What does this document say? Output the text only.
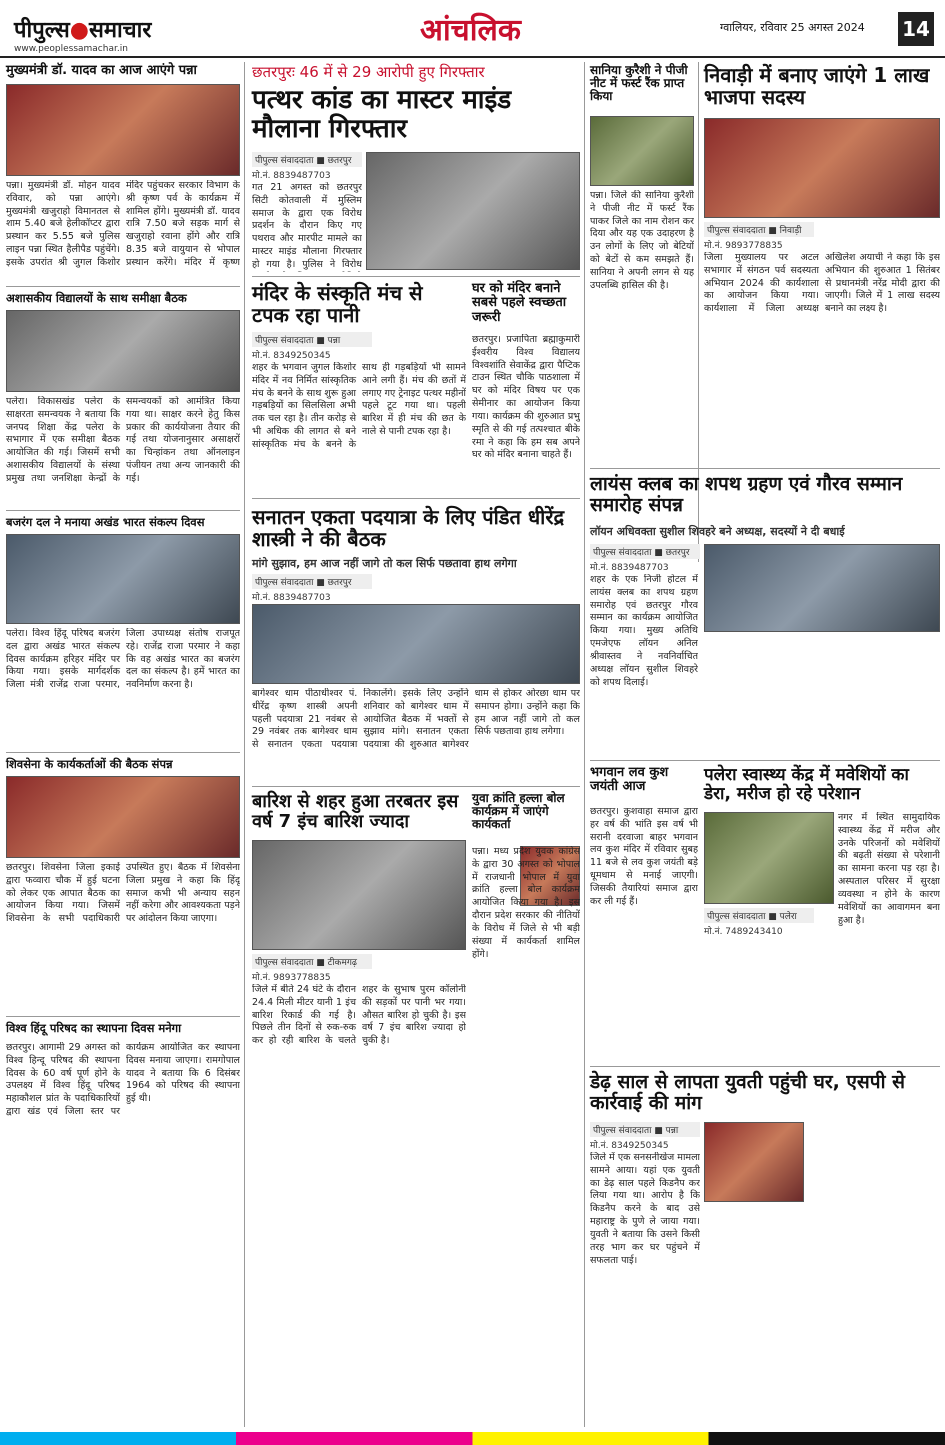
पीपुल्स●समाचार
www.peoplessamachar.in
आंचलिक	ग्वालियर, रविवार 25 अगस्त 2024 14
मुख्यमंत्री डॉ. यादव का आज आएंगे पन्ना
पन्ना। मुख्यमंत्री डॉ. मोहन यादव रविवार, को पन्ना आएंगे। मुख्यमंत्री खजुराहो विमानतल से शाम 5.40 बजे हेलीकॉप्टर द्वारा प्रस्थान कर 5.55 बजे पुलिस लाइन पन्ना स्थित हैलीपैड पहुंचेंगे। इसके उपरांत श्री जुगल किशोर मंदिर पहुंचकर सरकार विभाग के श्री कृष्ण पर्व के कार्यक्रम में शामिल होंगे। मुख्यमंत्री डॉ. यादव रात्रि 7.50 बजे सड़क मार्ग से खजुराहो रवाना होंगे और रात्रि 8.35 बजे वायुयान से भोपाल प्रस्थान करेंगे। मंदिर में कृष्ण
अशासकीय विद्यालयों के साथ समीक्षा बैठक
पलेरा। विकासखंड पलेरा के साक्षरता समन्वयक ने बताया कि जनपद शिक्षा केंद्र पलेरा के सभागार में एक समीक्षा बैठक आयोजित की गई। जिसमें सभी अशासकीय विद्यालयों के संस्था प्रमुख तथा जनशिक्षा केन्द्रों के समन्वयकों को आमंत्रित किया गया था। साक्षर करने हेतु किस प्रकार की कार्ययोजना तैयार की गई तथा योजनानुसार असाक्षरों का चिन्हांकन तथा ऑनलाइन पंजीयन तथा अन्य जानकारी की गई।
बजरंग दल ने मनाया अखंड भारत संकल्प दिवस
पलेरा। विश्व हिंदू परिषद बजरंग दल द्वारा अखंड भारत संकल्प दिवस कार्यक्रम हरिहर मंदिर पर किया गया। इसके मार्गदर्शक जिला मंत्री राजेंद्र राजा परमार, जिला उपाध्यक्ष संतोष राजपूत रहे। राजेंद्र राजा परमार ने कहा कि वह अखंड भारत का बजरंग दल का संकल्प है। हमें भारत का नवनिर्माण करना है।
शिवसेना के कार्यकर्ताओं की बैठक संपन्न
छतरपुर। शिवसेना जिला इकाई द्वारा फव्वारा चौक में हुई घटना को लेकर एक आपात बैठक का आयोजन किया गया। जिसमें शिवसेना के सभी पदाधिकारी उपस्थित हुए। बैठक में शिवसेना जिला प्रमुख ने कहा कि हिंदू समाज कभी भी अन्याय सहन नहीं करेगा और आवश्यकता पड़ने पर आंदोलन किया जाएगा।
विश्व हिंदू परिषद का स्थापना दिवस मनेगा
छतरपुर। आगामी 29 अगस्त को विश्व हिन्दू परिषद की स्थापना दिवस के 60 वर्ष पूर्ण होने के उपलक्ष्य में विश्व हिंदू परिषद महाकौशल प्रांत के पदाधिकारियों द्वारा खंड एवं जिला स्तर पर कार्यक्रम आयोजित कर स्थापना दिवस मनाया जाएगा। रामगोपाल यादव ने बताया कि 6 दिसंबर 1964 को परिषद की स्थापना हुई थी।
छतरपुरः 46 में से 29 आरोपी हुए गिरफ्तार
पत्थर कांड का मास्टर माइंड मौलाना गिरफ्तार
पीपुल्स संवाददाता ■ छतरपुर
मो.नं. 8839487703
गत 21 अगस्त को छतरपुर सिटी कोतवाली में मुस्लिम समाज के द्वारा एक विरोध प्रदर्शन के दौरान किए गए पथराव और मारपीट मामले का मास्टर माइंड मौलाना गिरफ्तार हो गया है। पुलिस ने विरोध
मंदिर के संस्कृति मंच से टपक रहा पानी
पीपुल्स संवाददाता ■ पन्ना
मो.नं. 8349250345
शहर के भगवान जुगल किशोर मंदिर में नव निर्मित सांस्कृतिक मंच के बनने के साथ शुरू हुआ गड़बड़ियों का सिलसिला अभी तक चल रहा है। तीन करोड़ से भी अधिक की लागत से बने सांस्कृतिक मंच के बनने के साथ ही गड़बड़ियों भी सामने आने लगी हैं। मंच की छतों में लगाए गए ट्रेनाइट पत्थर महीनों पहले टूट गया था। पहली बारिश में ही मंच की छत के नाले से पानी टपक रहा है।
घर को मंदिर बनाने सबसे पहले स्वच्छता जरूरी
छतरपुर। प्रजापिता ब्रह्माकुमारी ईश्वरीय विश्व विद्यालय विश्वशांति सेवाकेंद्र द्वारा पैप्टिक टाउन स्थित चौकि पाठशाला में घर को मंदिर विषय पर एक सेमीनार का आयोजन किया गया। कार्यक्रम की शुरुआत प्रभु स्मृति से की गई तत्पश्चात बीके रमा ने कहा कि हम सब अपने घर को मंदिर बनाना चाहते हैं।
सनातन एकता पदयात्रा के लिए पंडित धीरेंद्र शास्त्री ने की बैठक
मांगे सुझाव, हम आज नहीं जागे तो कल सिर्फ पछतावा हाथ लगेगा
पीपुल्स संवाददाता ■ छतरपुर
मो.नं. 8839487703
बागेश्वर धाम पीठाधीश्वर पं. धीरेंद्र कृष्ण शास्त्री अपनी पहली पदयात्रा 21 नवंबर से 29 नवंबर तक बागेश्वर धाम से सनातन एकता पदयात्रा निकालेंगे। इसके लिए उन्होंने शनिवार को बागेश्वर धाम में आयोजित बैठक में भक्तों से सुझाव मांगे। सनातन एकता पदयात्रा की शुरुआत बागेश्वर धाम से होकर ओरछा धाम पर समापन होगा। उन्होंने कहा कि हम आज नहीं जागे तो कल सिर्फ पछतावा हाथ लगेगा।
बारिश से शहर हुआ तरबतर इस वर्ष 7 इंच बारिश ज्यादा
पीपुल्स संवाददाता ■ टीकमगढ़
मो.नं. 9893778835
जिले में बीते 24 घंटे के दौरान 24.4 मिली मीटर यानी 1 इंच बारिश रिकार्ड की गई है। पिछले तीन दिनों से रुक-रुक कर हो रही बारिश के चलते शहर के सुभाष पुरम कॉलोनी की सड़कों पर पानी भर गया। औसत बारिश हो चुकी है। इस वर्ष 7 इंच बारिश ज्यादा हो चुकी है।
युवा क्रांति हल्ला बोल कार्यक्रम में जाएंगे कार्यकर्ता
पन्ना। मध्य प्रदेश युवक कांग्रेस के द्वारा 30 अगस्त को भोपाल में राजधानी भोपाल में युवा क्रांति हल्ला बोल कार्यक्रम आयोजित किया गया है। इस दौरान प्रदेश सरकार की नीतियों के विरोध में जिले से भी बड़ी संख्या में कार्यकर्ता शामिल होंगे।
सानिया कुरैशी ने पीजी नीट में फर्स्ट रैंक प्राप्त किया
पन्ना। जिले की सानिया कुरैशी ने पीजी नीट में फर्स्ट रैंक पाकर जिले का नाम रोशन कर दिया और यह एक उदाहरण है उन लोगों के लिए जो बेटियों को बेटों से कम समझते हैं। सानिया ने अपनी लगन से यह उपलब्धि हासिल की है।
निवाड़ी में बनाए जाएंगे 1 लाख भाजपा सदस्य
पीपुल्स संवाददाता ■ निवाड़ी
मो.नं. 9893778835
जिला मुख्यालय पर अटल सभागार में संगठन पर्व सदस्यता अभियान 2024 की कार्यशाला का आयोजन किया गया। कार्यशाला में जिला अध्यक्ष अखिलेश अयाची ने कहा कि इस अभियान की शुरुआत 1 सितंबर से प्रधानमंत्री नरेंद्र मोदी द्वारा की जाएगी। जिले में 1 लाख सदस्य बनाने का लक्ष्य है।
लायंस क्लब का शपथ ग्रहण एवं गौरव सम्मान समारोह संपन्न
लॉयन अधिवक्ता सुशील शिवहरे बने अध्यक्ष, सदस्यों ने दी बधाई
पीपुल्स संवाददाता ■ छतरपुर
मो.नं. 8839487703
शहर के एक निजी होटल में लायंस क्लब का शपथ ग्रहण समारोह एवं छतरपुर गौरव सम्मान का कार्यक्रम आयोजित किया गया। मुख्य अतिथि एमजेएफ लॉयन अनिल श्रीवास्तव ने नवनिर्वाचित अध्यक्ष लॉयन सुशील शिवहरे को शपथ दिलाई।
भगवान लव कुश जयंती आज
छतरपुर। कुशवाहा समाज द्वारा हर वर्ष की भांति इस वर्ष भी सरानी दरवाजा बाहर भगवान लव कुश मंदिर में रविवार सुबह 11 बजे से लव कुश जयंती बड़े धूमधाम से मनाई जाएगी। जिसकी तैयारियां समाज द्वारा कर ली गई हैं।
पलेरा स्वास्थ्य केंद्र में मवेशियों का डेरा, मरीज हो रहे परेशान
पीपुल्स संवाददाता ■ पलेरा
मो.नं. 7489243410
नगर में स्थित सामुदायिक स्वास्थ्य केंद्र में मरीज और उनके परिजनों को मवेशियों की बढ़ती संख्या से परेशानी का सामना करना पड़ रहा है। अस्पताल परिसर में सुरक्षा व्यवस्था न होने के कारण मवेशियों का आवागमन बना हुआ है।
डेढ़ साल से लापता युवती पहुंची घर, एसपी से कार्रवाई की मांग
पीपुल्स संवाददाता ■ पन्ना
मो.नं. 8349250345
जिले में एक सनसनीखेज मामला सामने आया। यहां एक युवती का डेढ़ साल पहले किडनैप कर लिया गया था। आरोप है कि किडनैप करने के बाद उसे महाराष्ट्र के पुणे ले जाया गया। युवती ने बताया कि उसने किसी तरह भाग कर घर पहुंचने में सफलता पाई।
